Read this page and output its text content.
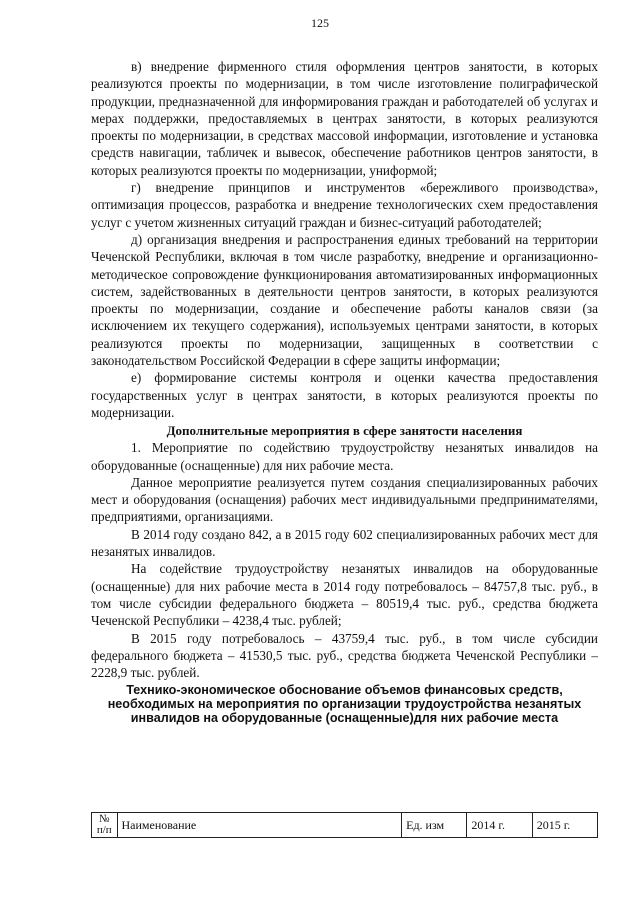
125

в) внедрение фирменного стиля оформления центров занятости, в которых реализуются проекты по модернизации, в том числе изготовление полиграфической продукции, предназначенной для информирования граждан и работодателей об услугах и мерах поддержки, предоставляемых в центрах занятости, в которых реализуются проекты по модернизации, в средствах массовой информации, изготовление и установка средств навигации, табличек и вывесок, обеспечение работников центров занятости, в которых реализуются проекты по модернизации, униформой;

г) внедрение принципов и инструментов «бережливого производства», оптимизация процессов, разработка и внедрение технологических схем предоставления услуг с учетом жизненных ситуаций граждан и бизнес-ситуаций работодателей;

д) организация внедрения и распространения единых требований на территории Чеченской Республики, включая в том числе разработку, внедрение и организационно-методическое сопровождение функционирования автоматизированных информационных систем, задействованных в деятельности центров занятости, в которых реализуются проекты по модернизации, создание и обеспечение работы каналов связи (за исключением их текущего содержания), используемых центрами занятости, в которых реализуются проекты по модернизации, защищенных в соответствии с законодательством Российской Федерации в сфере защиты информации;

е) формирование системы контроля и оценки качества предоставления государственных услуг в центрах занятости, в которых реализуются проекты по модернизации.

Дополнительные мероприятия в сфере занятости населения

1. Мероприятие по содействию трудоустройству незанятых инвалидов на оборудованные (оснащенные) для них рабочие места.

Данное мероприятие реализуется путем создания специализированных рабочих мест и оборудования (оснащения) рабочих мест индивидуальными предпринимателями, предприятиями, организациями.

В 2014 году создано 842, а в 2015 году 602 специализированных рабочих мест для незанятых инвалидов.

На содействие трудоустройству незанятых инвалидов на оборудованные (оснащенные) для них рабочие места в 2014 году потребовалось – 84757,8 тыс. руб., в том числе субсидии федерального бюджета – 80519,4 тыс. руб., средства бюджета Чеченской Республики – 4238,4 тыс. рублей;

В 2015 году потребовалось – 43759,4 тыс. руб., в том числе субсидии федерального бюджета – 41530,5 тыс. руб., средства бюджета Чеченской Республики – 2228,9 тыс. рублей.

Технико-экономическое обоснование объемов финансовых средств, необходимых на мероприятия по организации трудоустройства незанятых инвалидов на оборудованные (оснащенные)для них рабочие места

№ п/п	Наименование	Ед. изм	2014 г.	2015 г.
